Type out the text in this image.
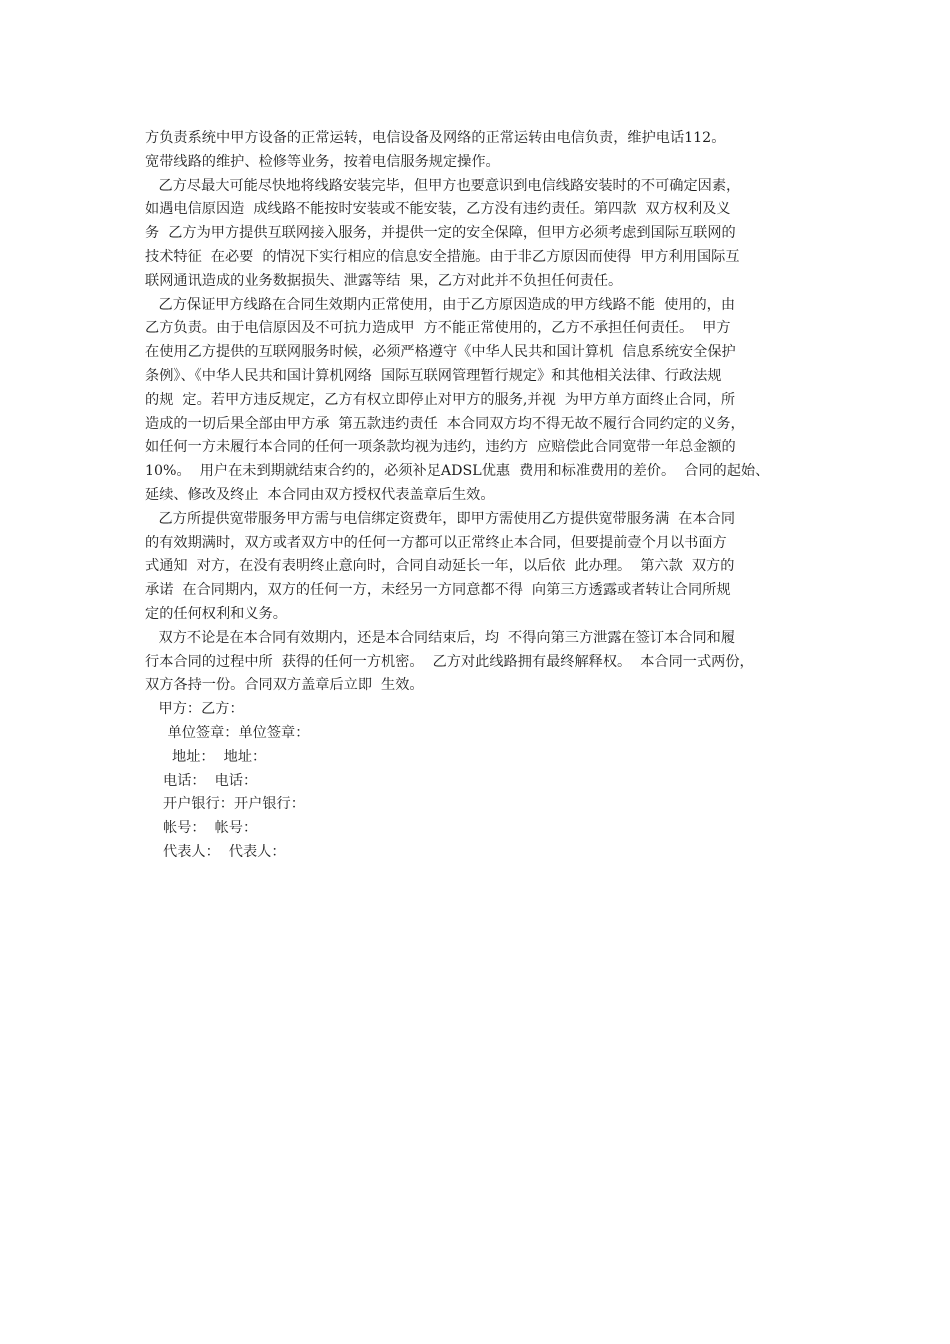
方负责系统中甲方设备的正常运转，电信设备及网络的正常运转由电信负责，维护电话112。
宽带线路的维护、检修等业务，按着电信服务规定操作。
乙方尽最大可能尽快地将线路安装完毕，但甲方也要意识到电信线路安装时的不可确定因素，
如遇电信原因造  成线路不能按时安装或不能安装，乙方没有违约责任。第四款  双方权利及义
务  乙方为甲方提供互联网接入服务，并提供一定的安全保障，但甲方必须考虑到国际互联网的
技术特征  在必要  的情况下实行相应的信息安全措施。由于非乙方原因而使得  甲方利用国际互
联网通讯造成的业务数据损失、泄露等结  果，乙方对此并不负担任何责任。
乙方保证甲方线路在合同生效期内正常使用，由于乙方原因造成的甲方线路不能  使用的，由
乙方负责。由于电信原因及不可抗力造成甲  方不能正常使用的，乙方不承担任何责任。  甲方
在使用乙方提供的互联网服务时候，必须严格遵守《中华人民共和国计算机  信息系统安全保护
条例》、《中华人民共和国计算机网络  国际互联网管理暂行规定》和其他相关法律、行政法规
的规  定。若甲方违反规定，乙方有权立即停止对甲方的服务,并视  为甲方单方面终止合同，所
造成的一切后果全部由甲方承  第五款违约责任  本合同双方均不得无故不履行合同约定的义务，
如任何一方未履行本合同的任何一项条款均视为违约，违约方  应赔偿此合同宽带一年总金额的
10%。  用户在未到期就结束合约的，必须补足ADSL优惠  费用和标准费用的差价。  合同的起始、
延续、修改及终止  本合同由双方授权代表盖章后生效。
乙方所提供宽带服务甲方需与电信绑定资费年，即甲方需使用乙方提供宽带服务满  在本合同
的有效期满时，双方或者双方中的任何一方都可以正常终止本合同，但要提前壹个月以书面方
式通知  对方，在没有表明终止意向时，合同自动延长一年，以后依  此办理。  第六款  双方的
承诺  在合同期内，双方的任何一方，未经另一方同意都不得  向第三方透露或者转让合同所规
定的任何权利和义务。
双方不论是在本合同有效期内，还是本合同结束后，均  不得向第三方泄露在签订本合同和履
行本合同的过程中所  获得的任何一方机密。  乙方对此线路拥有最终解释权。  本合同一式两份，
双方各持一份。合同双方盖章后立即  生效。
甲方：乙方：
单位签章：单位签章：
地址：  地址：
电话：  电话：
开户银行：开户银行：
帐号：  帐号：
代表人：  代表人：
